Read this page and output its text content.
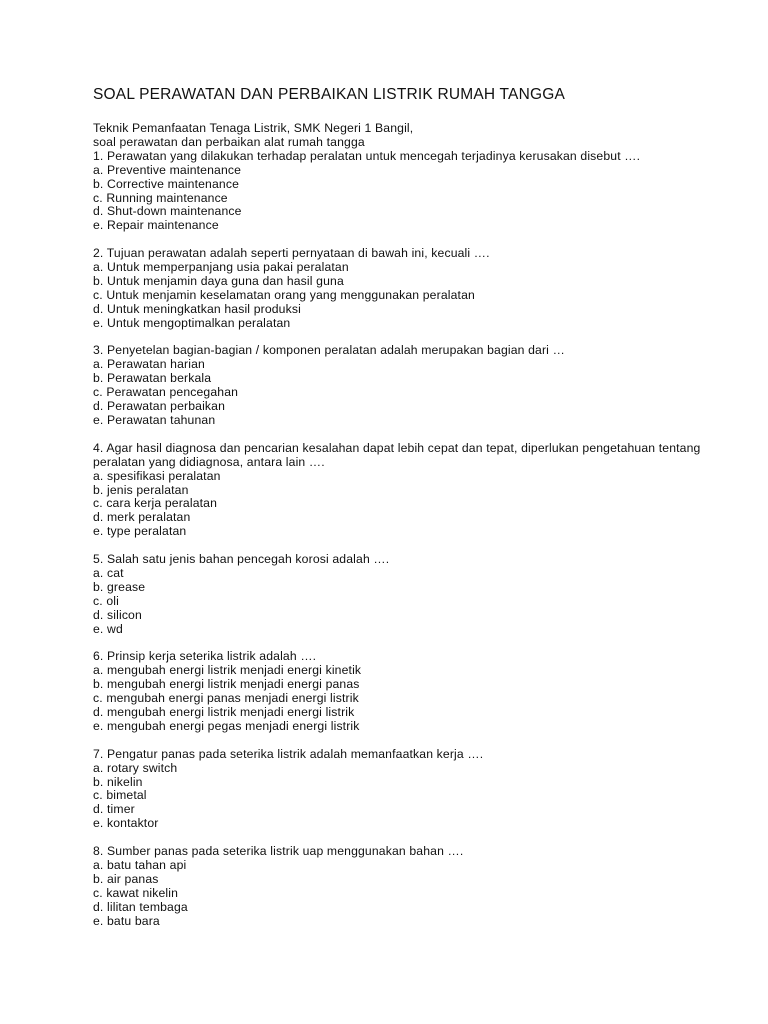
SOAL PERAWATAN DAN PERBAIKAN LISTRIK RUMAH TANGGA
Teknik Pemanfaatan Tenaga Listrik, SMK Negeri 1 Bangil,
soal perawatan dan perbaikan alat rumah tangga
1. Perawatan yang dilakukan terhadap peralatan untuk mencegah terjadinya kerusakan disebut ….
a. Preventive maintenance
b. Corrective maintenance
c. Running maintenance
d. Shut-down maintenance
e. Repair maintenance
2. Tujuan perawatan adalah seperti pernyataan di bawah ini, kecuali ….
a. Untuk memperpanjang usia pakai peralatan
b. Untuk menjamin daya guna dan hasil guna
c. Untuk menjamin keselamatan orang yang menggunakan peralatan
d. Untuk meningkatkan hasil produksi
e. Untuk mengoptimalkan peralatan
3. Penyetelan bagian-bagian / komponen peralatan adalah merupakan bagian dari …
a. Perawatan harian
b. Perawatan berkala
c. Perawatan pencegahan
d. Perawatan perbaikan
e. Perawatan tahunan
4. Agar hasil diagnosa dan pencarian kesalahan dapat lebih cepat dan tepat, diperlukan pengetahuan tentang peralatan yang didiagnosa, antara lain ….
a. spesifikasi peralatan
b. jenis peralatan
c. cara kerja peralatan
d. merk peralatan
e. type peralatan
5. Salah satu jenis bahan pencegah korosi adalah ….
a. cat
b. grease
c. oli
d. silicon
e. wd
6. Prinsip kerja seterika listrik adalah ….
a. mengubah energi listrik menjadi energi kinetik
b. mengubah energi listrik menjadi energi panas
c. mengubah energi panas menjadi energi listrik
d. mengubah energi listrik menjadi energi listrik
e. mengubah energi pegas menjadi energi listrik
7. Pengatur panas pada seterika listrik adalah memanfaatkan kerja ….
a. rotary switch
b. nikelin
c. bimetal
d. timer
e. kontaktor
8. Sumber panas pada seterika listrik uap menggunakan bahan ….
a. batu tahan api
b. air panas
c. kawat nikelin
d. lilitan tembaga
e. batu bara
